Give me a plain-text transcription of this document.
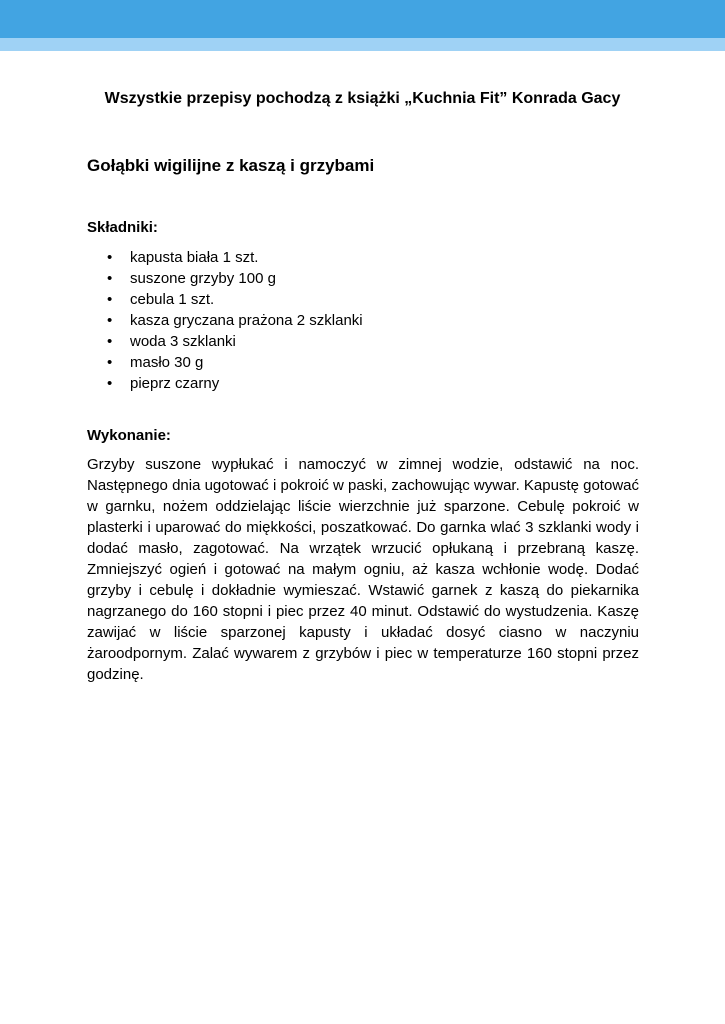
Wszystkie przepisy pochodzą z książki „Kuchnia Fit” Konrada Gacy

Gołąbki wigilijne z kaszą i grzybami
Składniki:
• kapusta biała 1 szt.
• suszone grzyby 100 g
• cebula 1 szt.
• kasza gryczana prażona 2 szklanki
• woda 3 szklanki
• masło 30 g
• pieprz czarny
Wykonanie:

Grzyby suszone wypłukać i namoczyć w zimnej wodzie, odstawić na noc. Następnego dnia ugotować i pokroić w paski, zachowując wywar. Kapustę gotować w garnku, nożem oddzielając liście wierzchnie już sparzone. Cebulę pokroić w plasterki i uparować do miękkości, poszatkować. Do garnka wlać 3 szklanki wody i dodać masło, zagotować. Na wrzątek wrzucić opłukaną i przebraną kaszę. Zmniejszyć ogień i gotować na małym ogniu, aż kasza wchłonie wodę. Dodać grzyby i cebulę i dokładnie wymieszać. Wstawić garnek z kaszą do piekarnika nagrzanego do 160 stopni i piec przez 40 minut. Odstawić do wystudzenia. Kaszę zawijać w liście sparzonej kapusty i układać dosyć ciasno w naczyniu żaroodpornym. Zalać wywarem z grzybów i piec w temperaturze 160 stopni przez godzinę.
